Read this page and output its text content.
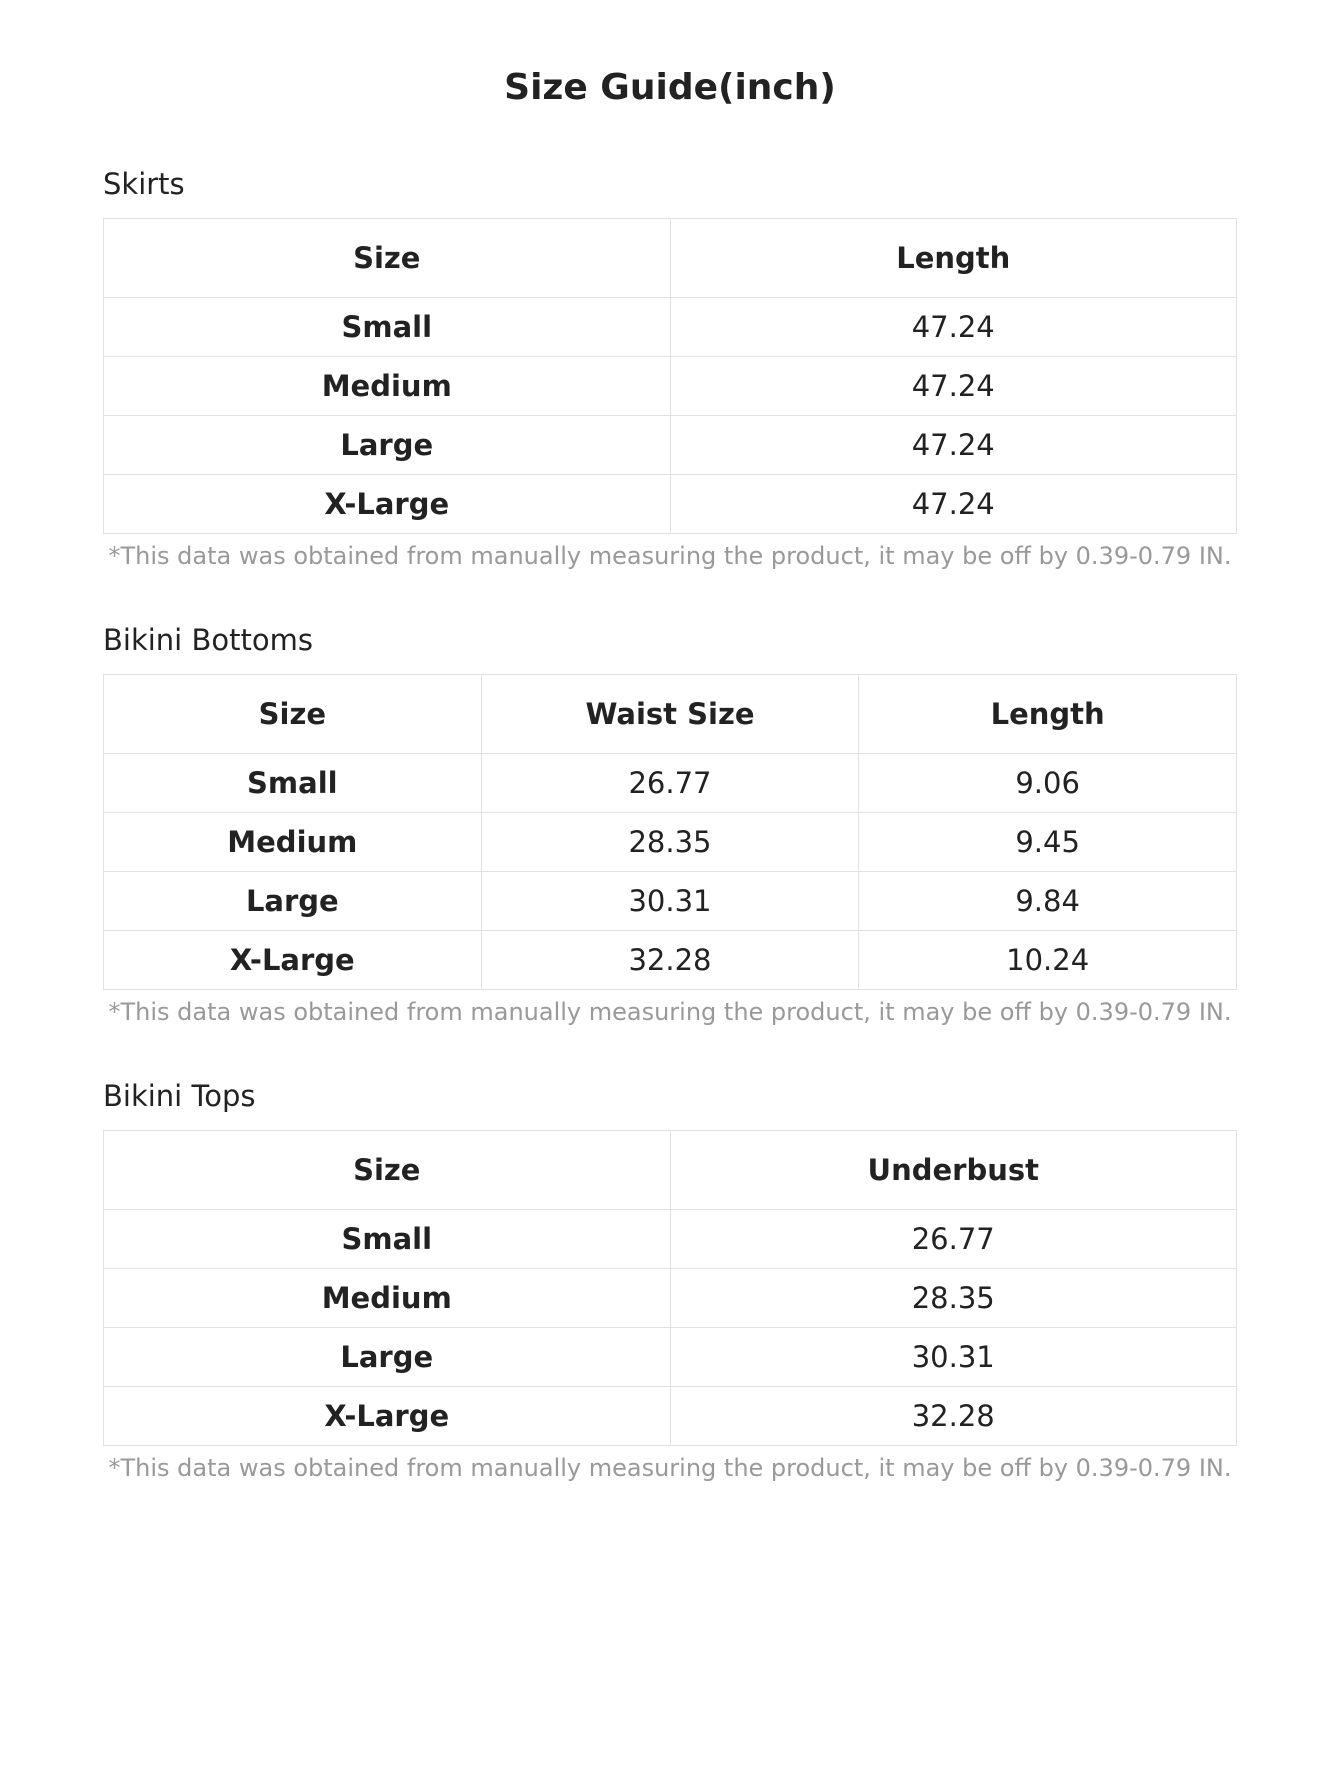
Size Guide(inch)
Skirts
Size	Length
Small	47.24
Medium	47.24
Large	47.24
X-Large	47.24

*This data was obtained from manually measuring the product, it may be off by 0.39-0.79 IN.

Bikini Bottoms
Size	Waist Size	Length
Small	26.77	9.06
Medium	28.35	9.45
Large	30.31	9.84
X-Large	32.28	10.24

*This data was obtained from manually measuring the product, it may be off by 0.39-0.79 IN.

Bikini Tops
Size	Underbust
Small	26.77
Medium	28.35
Large	30.31
X-Large	32.28

*This data was obtained from manually measuring the product, it may be off by 0.39-0.79 IN.
